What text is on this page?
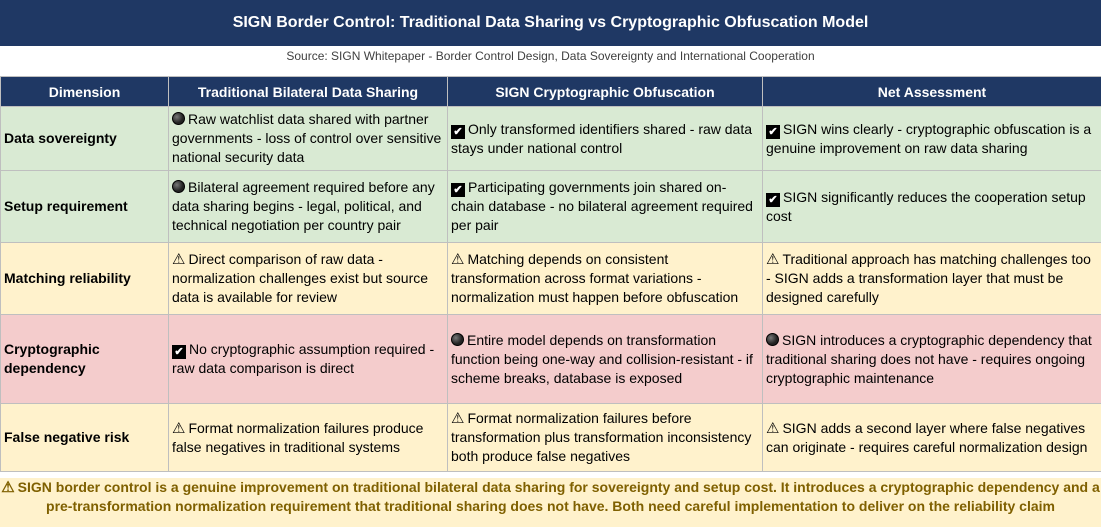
SIGN Border Control: Traditional Data Sharing vs Cryptographic Obfuscation Model
Source: SIGN Whitepaper - Border Control Design, Data Sovereignty and International Cooperation
Dimension	Traditional Bilateral Data Sharing	SIGN Cryptographic Obfuscation	Net Assessment
Data sovereignty	Raw watchlist data shared with partner governments - loss of control over sensitive national security data	✔ Only transformed identifiers shared - raw data stays under national control	✔ SIGN wins clearly - cryptographic obfuscation is a genuine improvement on raw data sharing
Setup requirement	Bilateral agreement required before any data sharing begins - legal, political, and technical negotiation per country pair	✔ Participating governments join shared on-chain database - no bilateral agreement required per pair	✔ SIGN significantly reduces the cooperation setup cost
Matching reliability	⚠ Direct comparison of raw data - normalization challenges exist but source data is available for review	⚠ Matching depends on consistent transformation across format variations - normalization must happen before obfuscation	⚠ Traditional approach has matching challenges too - SIGN adds a transformation layer that must be designed carefully
Cryptographic dependency	✔ No cryptographic assumption required - raw data comparison is direct	Entire model depends on transformation function being one-way and collision-resistant - if scheme breaks, database is exposed	SIGN introduces a cryptographic dependency that traditional sharing does not have - requires ongoing cryptographic maintenance
False negative risk	⚠ Format normalization failures produce false negatives in traditional systems	⚠ Format normalization failures before transformation plus transformation inconsistency both produce false negatives	⚠ SIGN adds a second layer where false negatives can originate - requires careful normalization design
⚠ SIGN border control is a genuine improvement on traditional bilateral data sharing for sovereignty and setup cost. It introduces a cryptographic dependency and a pre-transformation normalization requirement that traditional sharing does not have. Both need careful implementation to deliver on the reliability claim
